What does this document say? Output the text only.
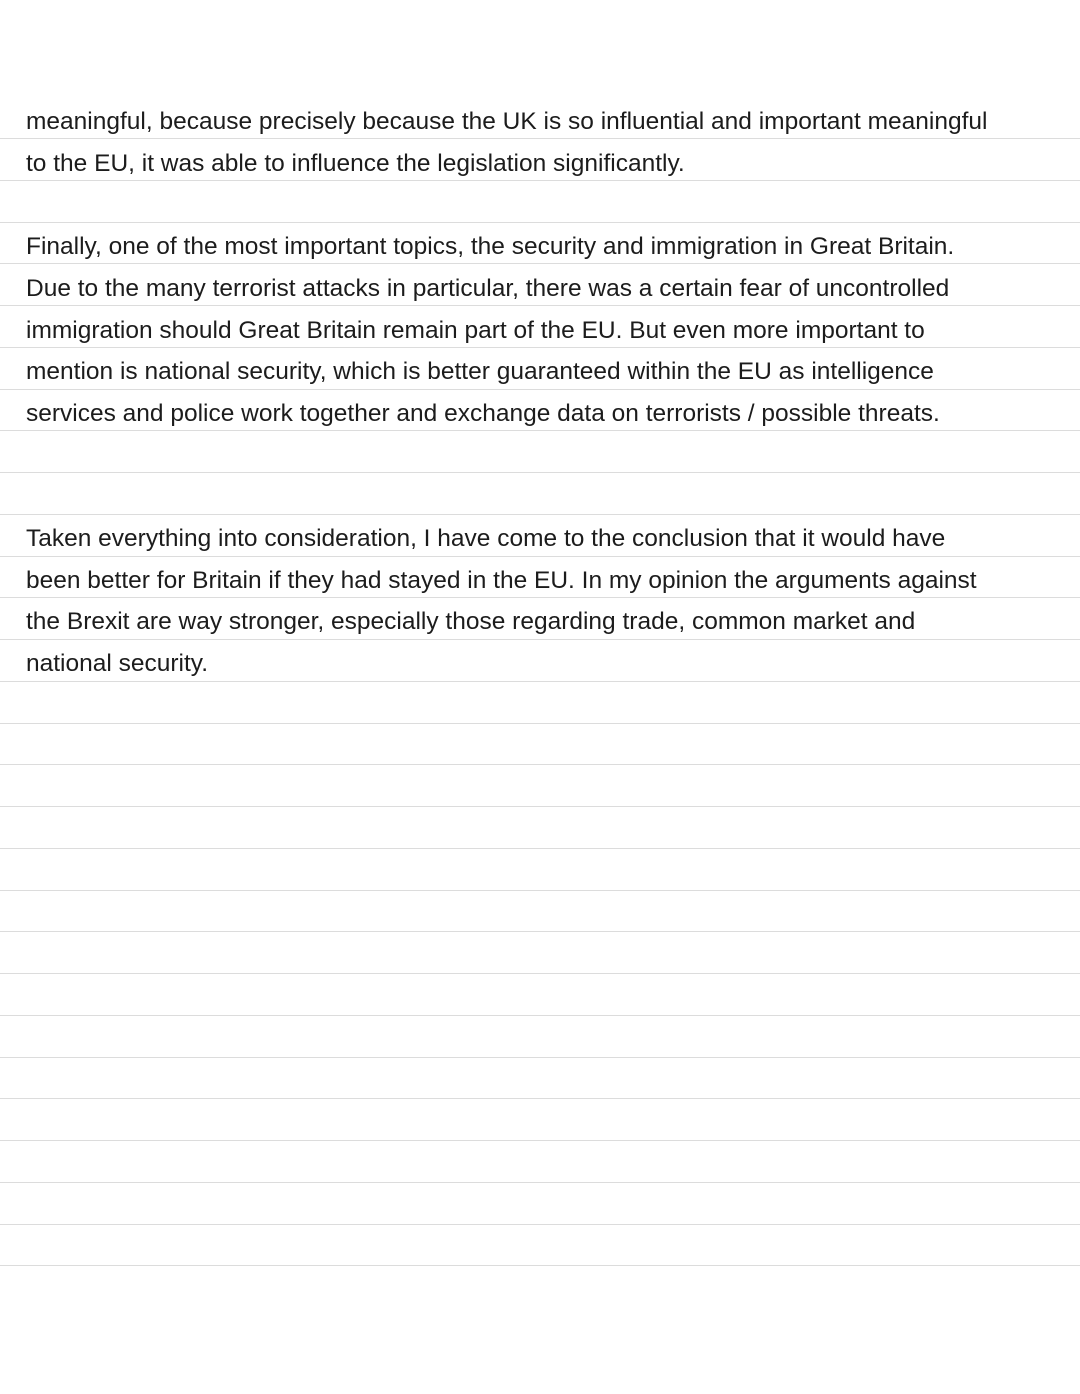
meaningful, because precisely because the UK is so influential and important meaningful
to the EU, it was able to influence the legislation significantly.
Finally, one of the most important topics, the security and immigration in Great Britain.
Due to the many terrorist attacks in particular, there was a certain fear of uncontrolled
immigration should Great Britain remain part of the EU. But even more important to
mention is national security, which is better guaranteed within the EU as intelligence
services and police work together and exchange data on terrorists / possible threats.
Taken everything into consideration, I have come to the conclusion that it would have
been better for Britain if they had stayed in the EU. In my opinion the arguments against
the Brexit are way stronger, especially those regarding trade, common market and
national security.
